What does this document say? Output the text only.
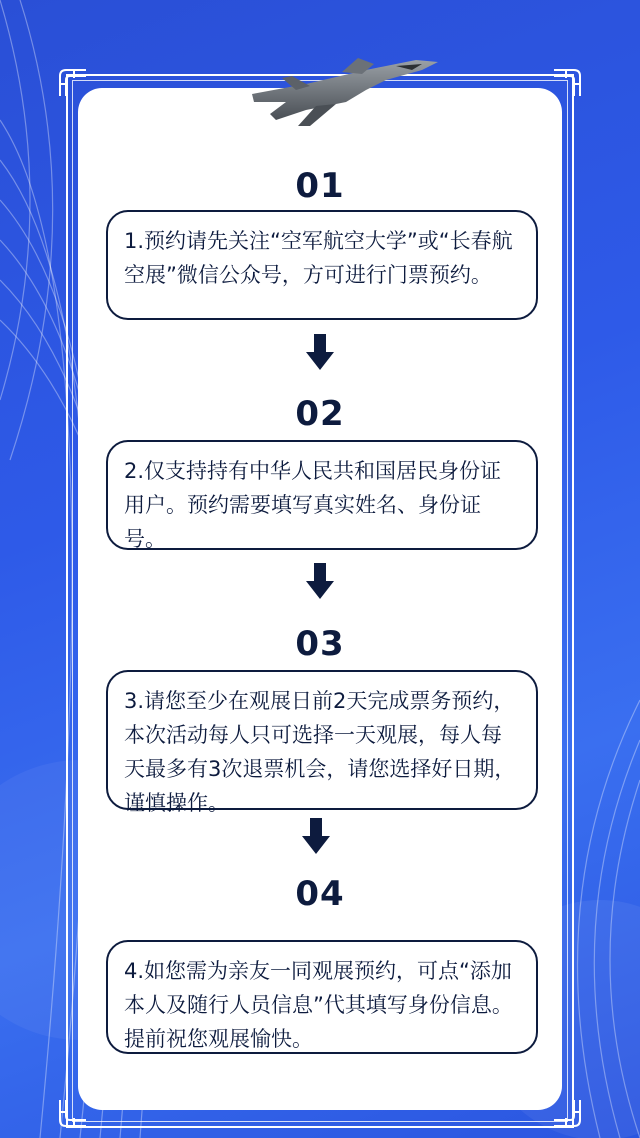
01
1.预约请先关注“空军航空大学”或“长春航空展”微信公众号，方可进行门票预约。
02
2.仅支持持有中华人民共和国居民身份证用户。预约需要填写真实姓名、身份证号。
03
3.请您至少在观展日前2天完成票务预约，本次活动每人只可选择一天观展，每人每天最多有3次退票机会，请您选择好日期，谨慎操作。
04
4.如您需为亲友一同观展预约，可点“添加本人及随行人员信息”代其填写身份信息。提前祝您观展愉快。
